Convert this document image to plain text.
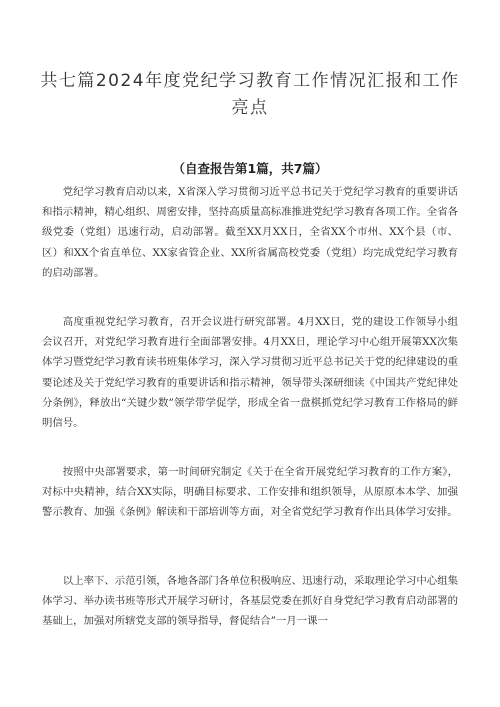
共七篇2024年度党纪学习教育工作情况汇报和工作亮点
（自查报告第1篇，共7篇）
党纪学习教育启动以来，X省深入学习贯彻习近平总书记关于党纪学习教育的重要讲话和指示精神，精心组织、周密安排，坚持高质量高标准推进党纪学习教育各项工作。全省各级党委（党组）迅速行动，启动部署。截至XX月XX日，全省XX个市州、XX个县（市、区）和XX个省直单位、XX家省管企业、XX所省属高校党委（党组）均完成党纪学习教育的启动部署。
高度重视党纪学习教育，召开会议进行研究部署。4月XX日，党的建设工作领导小组会议召开，对党纪学习教育进行全面部署安排。4月XX日，理论学习中心组开展第XX次集体学习暨党纪学习教育读书班集体学习，深入学习贯彻习近平总书记关于党的纪律建设的重要论述及关于党纪学习教育的重要讲话和指示精神，领导带头深研细读《中国共产党纪律处分条例》，释放出“关键少数”领学带学促学，形成全省一盘棋抓党纪学习教育工作格局的鲜明信号。
按照中央部署要求，第一时间研究制定《关于在全省开展党纪学习教育的工作方案》，对标中央精神，结合XX实际，明确目标要求、工作安排和组织领导，从原原本本学、加强警示教育、加强《条例》解读和干部培训等方面，对全省党纪学习教育作出具体学习安排。
以上率下、示范引领，各地各部门各单位积极响应、迅速行动，采取理论学习中心组集体学习、举办读书班等形式开展学习研讨，各基层党委在抓好自身党纪学习教育启动部署的基础上，加强对所辖党支部的领导指导，督促结合”一月一课一
